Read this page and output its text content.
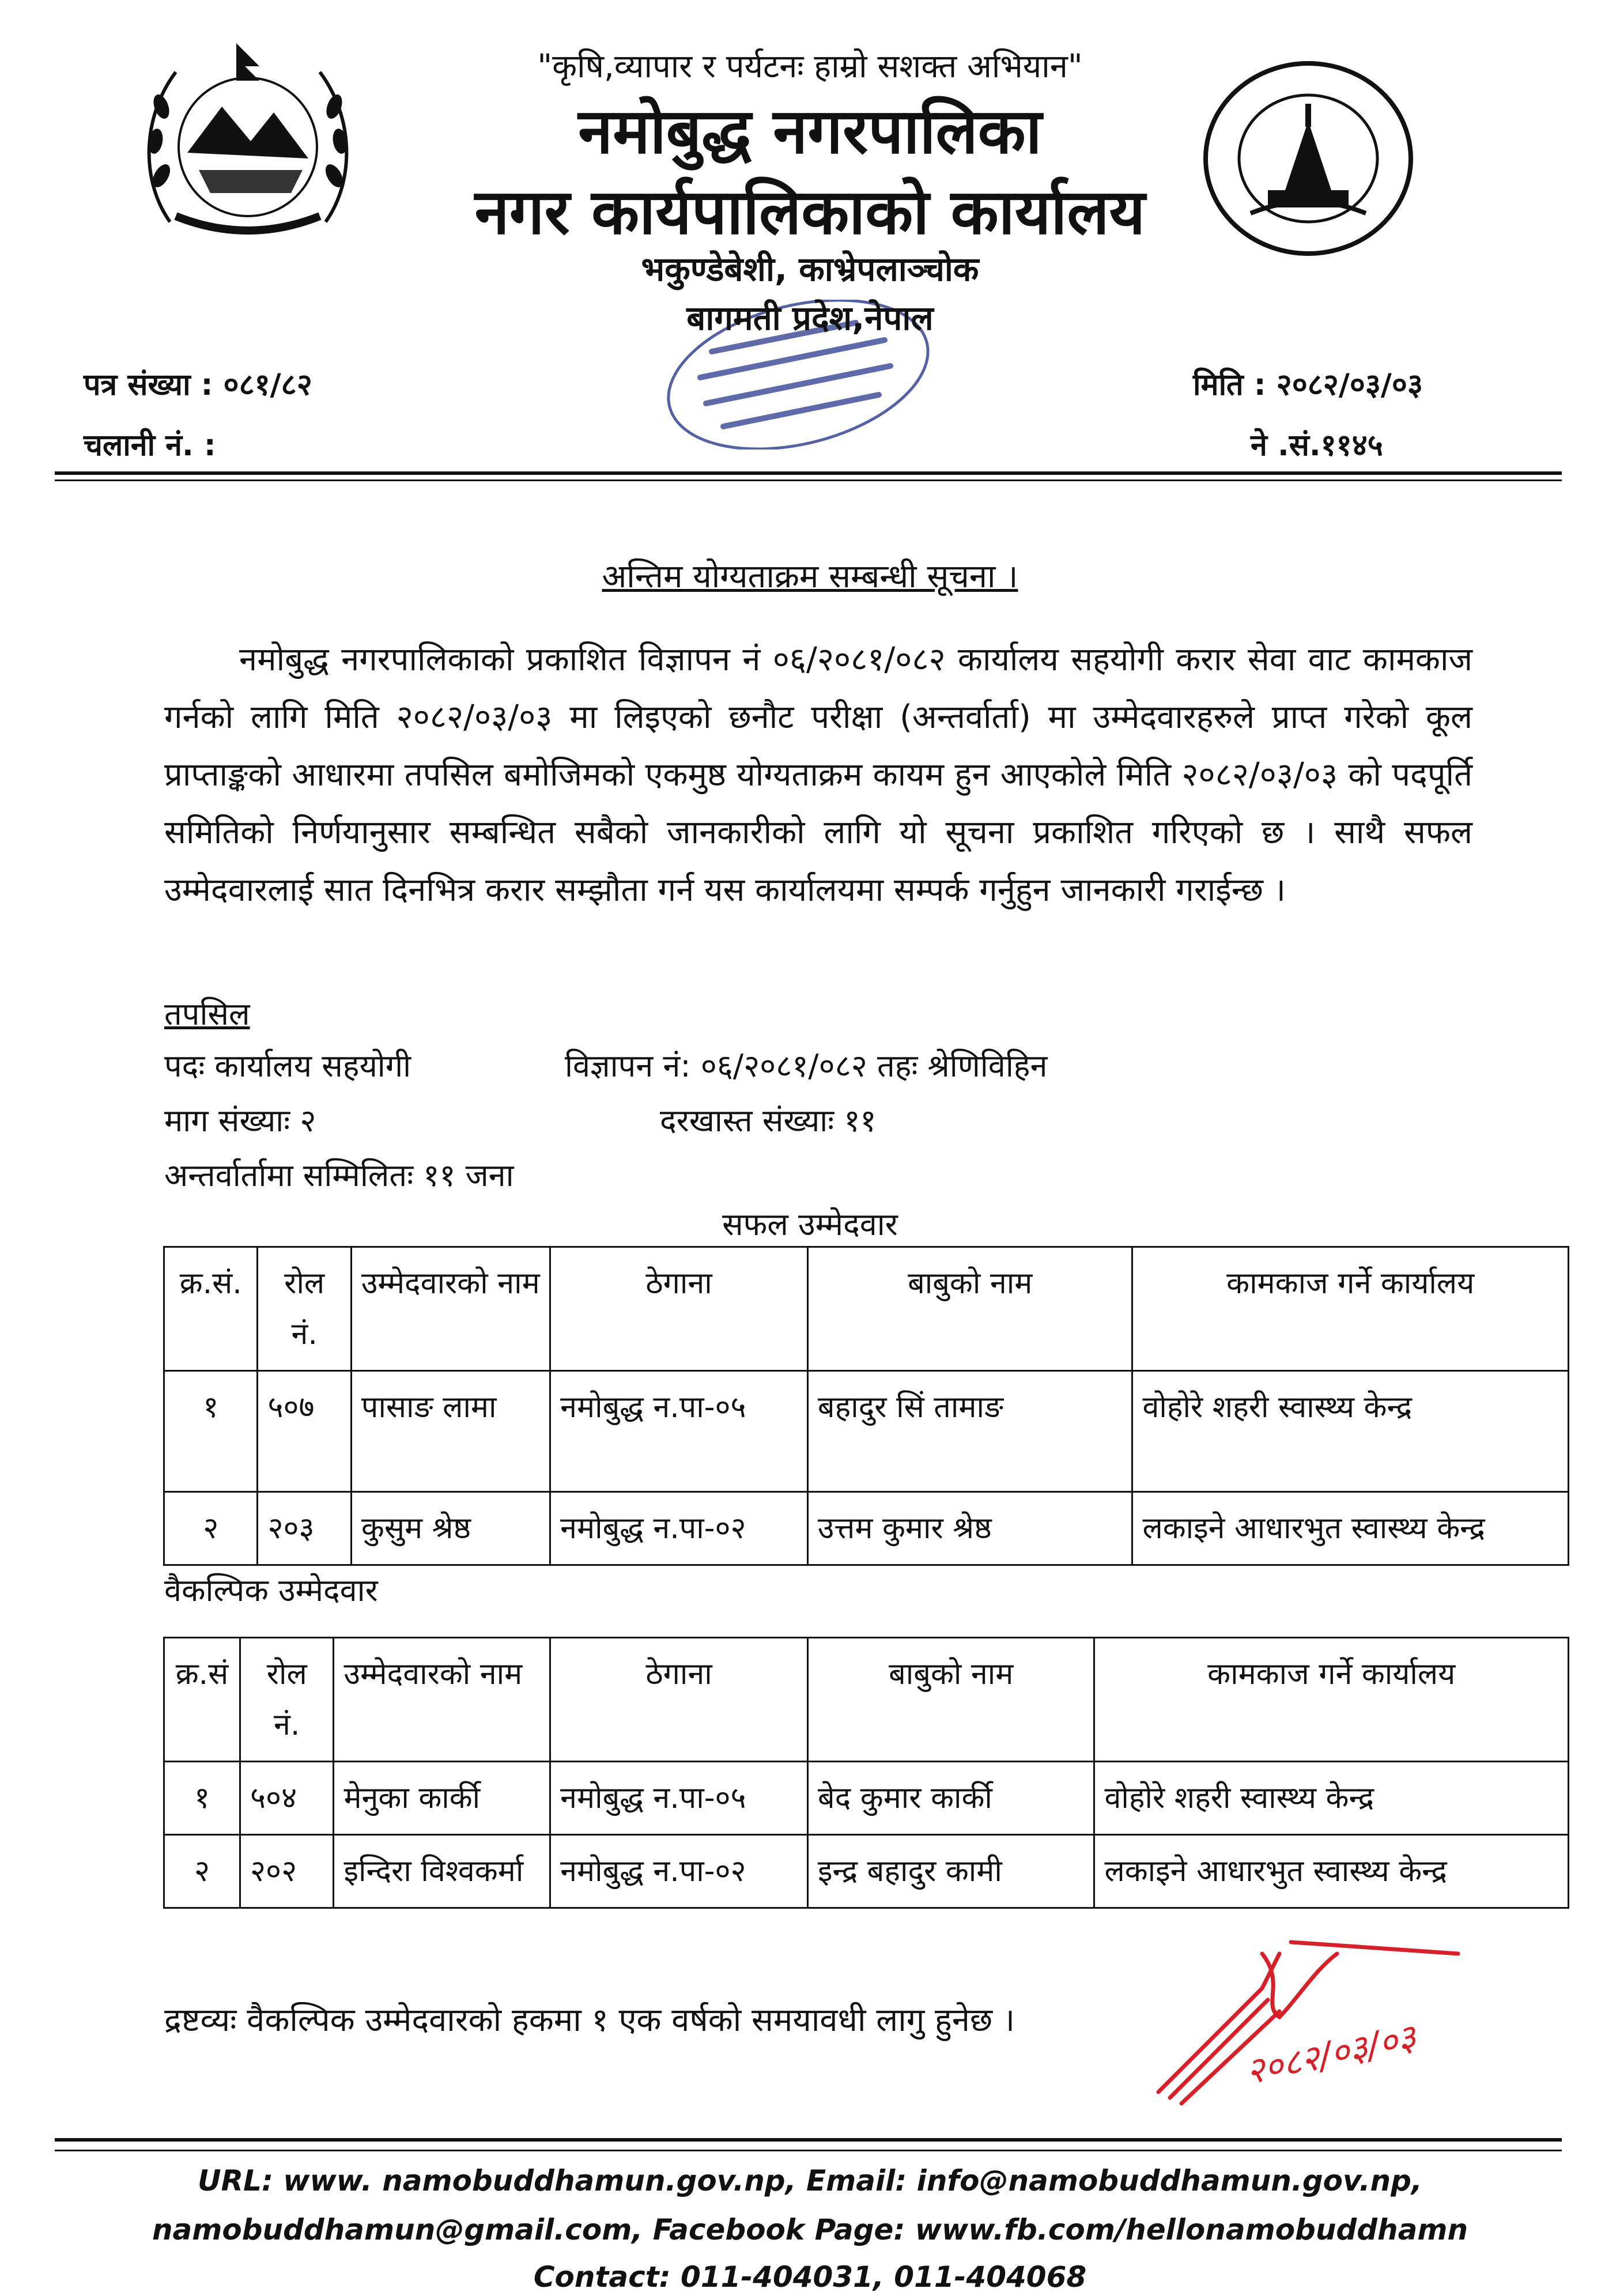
"कृषि,व्यापार र पर्यटनः हाम्रो सशक्त अभियान"
नमोबुद्ध नगरपालिका
नगर कार्यपालिकाको कार्यालय
भकुण्डेबेशी, काभ्रेपलाञ्चोक
बागमती प्रदेश,नेपाल
पत्र संख्या : ०८१/८२
चलानी नं. :
मिति : २०८२/०३/०३
ने .सं.११४५
अन्तिम योग्यताक्रम सम्बन्धी सूचना ।
नमोबुद्ध नगरपालिकाको प्रकाशित विज्ञापन नं ०६/२०८१/०८२ कार्यालय सहयोगी करार सेवा वाट कामकाज गर्नको लागि मिति २०८२/०३/०३ मा लिइएको छनौट परीक्षा (अन्तर्वार्ता) मा उम्मेदवारहरुले प्राप्त गरेको कूल प्राप्ताङ्कको आधारमा तपसिल बमोजिमको एकमुष्ठ योग्यताक्रम कायम हुन आएकोले मिति २०८२/०३/०३ को पदपूर्ति समितिको निर्णयानुसार सम्बन्धित सबैको जानकारीको लागि यो सूचना प्रकाशित गरिएको छ । साथै सफल उम्मेदवारलाई सात दिनभित्र करार सम्झौता गर्न यस कार्यालयमा सम्पर्क गर्नुहुन जानकारी गराईन्छ ।
तपसिल
पदः कार्यालय सहयोगी	विज्ञापन नं: ०६/२०८१/०८२ तहः श्रेणिविहिन
माग संख्याः २	दरखास्त संख्याः ११
अन्तर्वार्तामा सम्मिलितः ११ जना
सफल उम्मेदवार
क्र.सं.	रोल नं.	उम्मेदवारको नाम	ठेगाना	बाबुको नाम	कामकाज गर्ने कार्यालय
१	५०७	पासाङ लामा	नमोबुद्ध न.पा-०५	बहादुर सिं तामाङ	वोहोरे शहरी स्वास्थ्य केन्द्र
२	२०३	कुसुम श्रेष्ठ	नमोबुद्ध न.पा-०२	उत्तम कुमार श्रेष्ठ	लकाइने आधारभुत स्वास्थ्य केन्द्र
वैकल्पिक उम्मेदवार
क्र.सं	रोल नं.	उम्मेदवारको नाम	ठेगाना	बाबुको नाम	कामकाज गर्ने कार्यालय
१	५०४	मेनुका कार्की	नमोबुद्ध न.पा-०५	बेद कुमार कार्की	वोहोरे शहरी स्वास्थ्य केन्द्र
२	२०२	इन्दिरा विश्वकर्मा	नमोबुद्ध न.पा-०२	इन्द्र बहादुर कामी	लकाइने आधारभुत स्वास्थ्य केन्द्र
द्रष्टव्यः वैकल्पिक उम्मेदवारको हकमा १ एक वर्षको समयावधी लागु हुनेछ ।	२०८२/०३/०३
URL: www. namobuddhamun.gov.np, Email: info@namobuddhamun.gov.np,
namobuddhamun@gmail.com, Facebook Page: www.fb.com/hellonamobuddhamn
Contact: 011-404031, 011-404068
